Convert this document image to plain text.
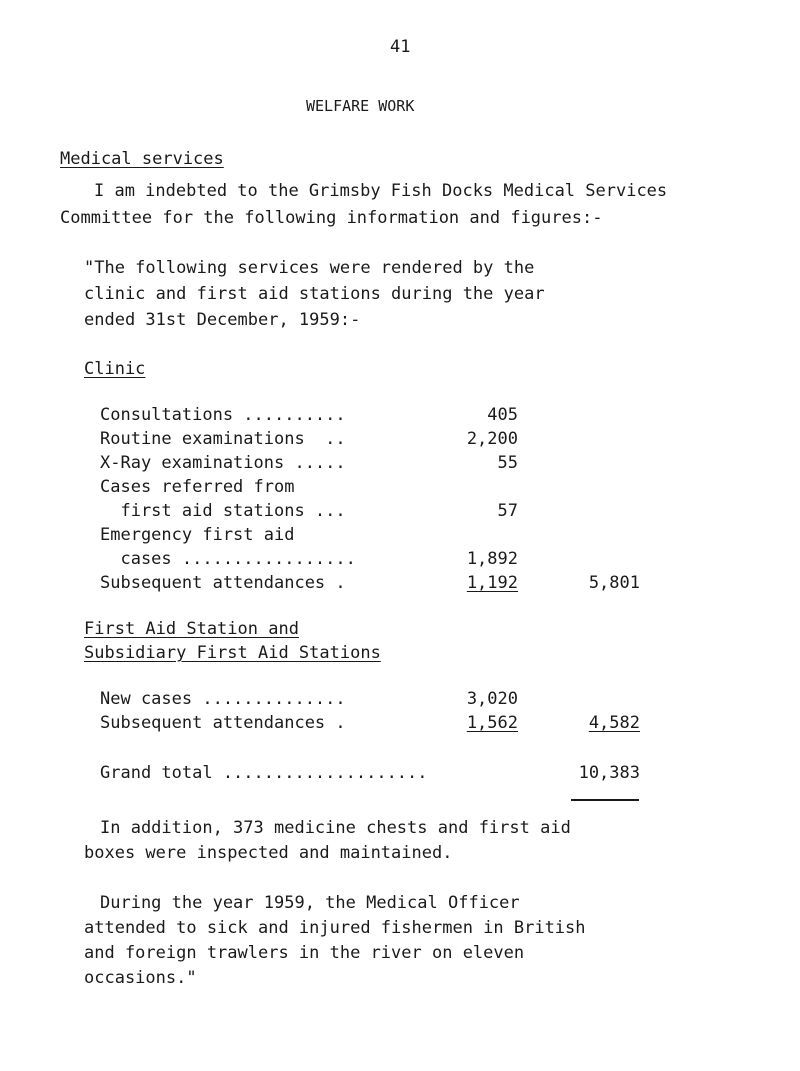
41
WELFARE WORK
Medical services
I am indebted to the Grimsby Fish Docks Medical Services
Committee for the following information and figures:-
"The following services were rendered by the
clinic and first aid stations during the year
ended 31st December, 1959:-
Clinic
Consultations ..........	405
Routine examinations  ..	2,200
X-Ray examinations .....	55
Cases referred from
first aid stations ...	57
Emergency first aid
cases .................	1,892
Subsequent attendances .	1,192	5,801
First Aid Station and
Subsidiary First Aid Stations
New cases ..............	3,020
Subsequent attendances .	1,562	4,582
Grand total ....................	10,383
In addition, 373 medicine chests and first aid
boxes were inspected and maintained.
During the year 1959, the Medical Officer
attended to sick and injured fishermen in British
and foreign trawlers in the river on eleven
occasions."
